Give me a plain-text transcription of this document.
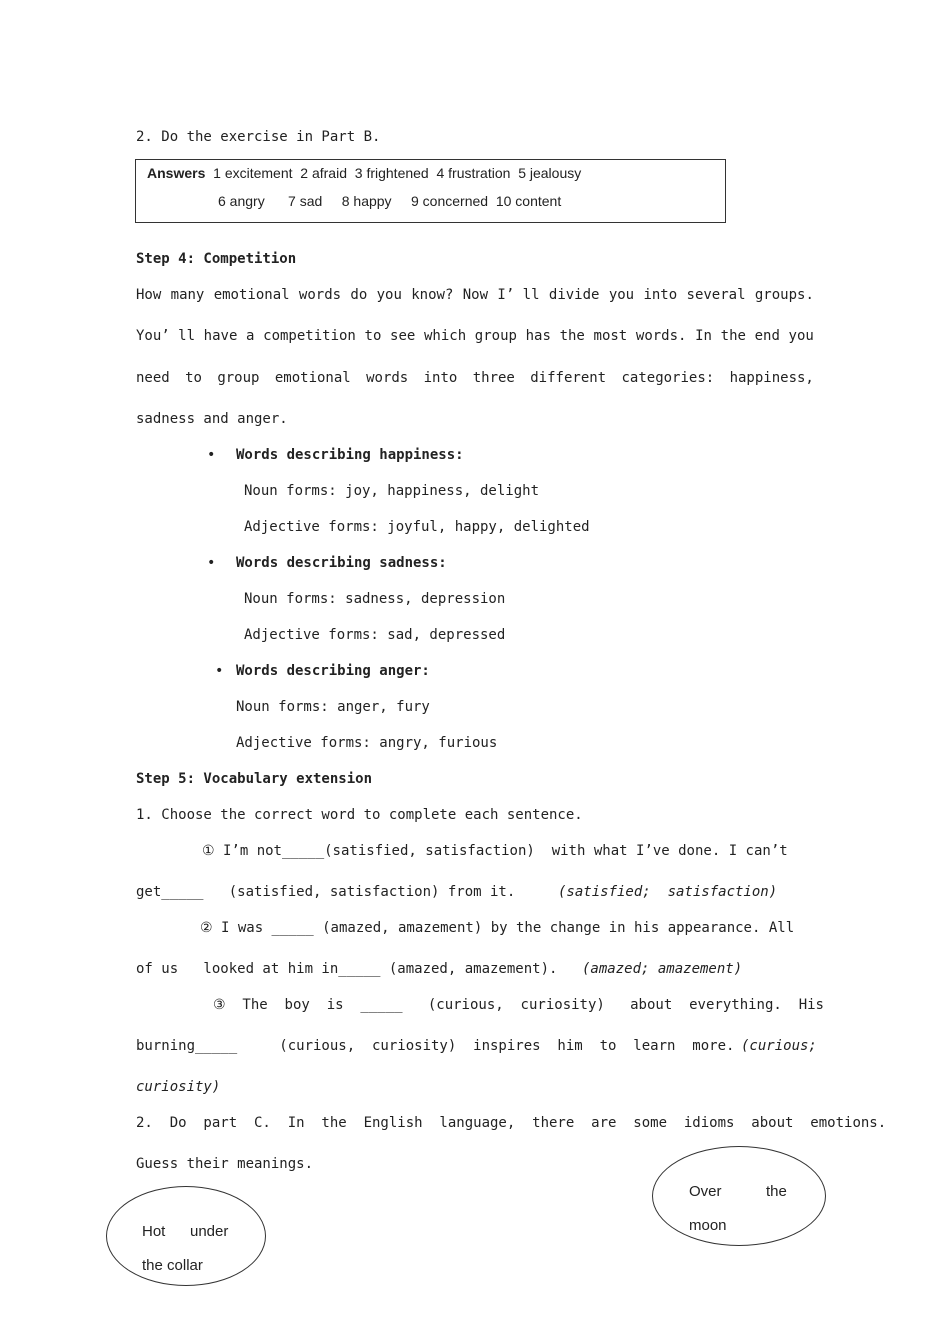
2. Do the exercise in Part B.
Answers 1 excitement  2 afraid  3 frightened  4 frustration  5 jealousy
6 angry      7 sad     8 happy     9 concerned  10 content
Step 4: Competition
How many emotional words do you know? Now I’ ll divide you into several groups.
You’ ll have a competition to see which group has the most words. In the end you
need to group emotional words into three different categories: happiness,
sadness and anger.
• Words describing happiness:
Noun forms: joy, happiness, delight
Adjective forms: joyful, happy, delighted
• Words describing sadness:
Noun forms: sadness, depression
Adjective forms: sad, depressed
• Words describing anger:
Noun forms: anger, fury
Adjective forms: angry, furious
Step 5: Vocabulary extension
1. Choose the correct word to complete each sentence.
① I’m not_____(satisfied, satisfaction)  with what I’ve done. I can’t
get_____   (satisfied, satisfaction) from it.	(satisfied;  satisfaction)
② I was _____ (amazed, amazement) by the change in his appearance. All
of us   looked at him in_____ (amazed, amazement). (amazed; amazement)
③  The  boy  is  _____   (curious,  curiosity)   about  everything.  His
burning_____     (curious,  curiosity)  inspires  him  to  learn  more. (curious;
curiosity)
2.  Do  part  C.  In  the  English  language,  there  are  some  idioms  about  emotions.
Guess their meanings.
Over	the
moon
Hot under
the collar
